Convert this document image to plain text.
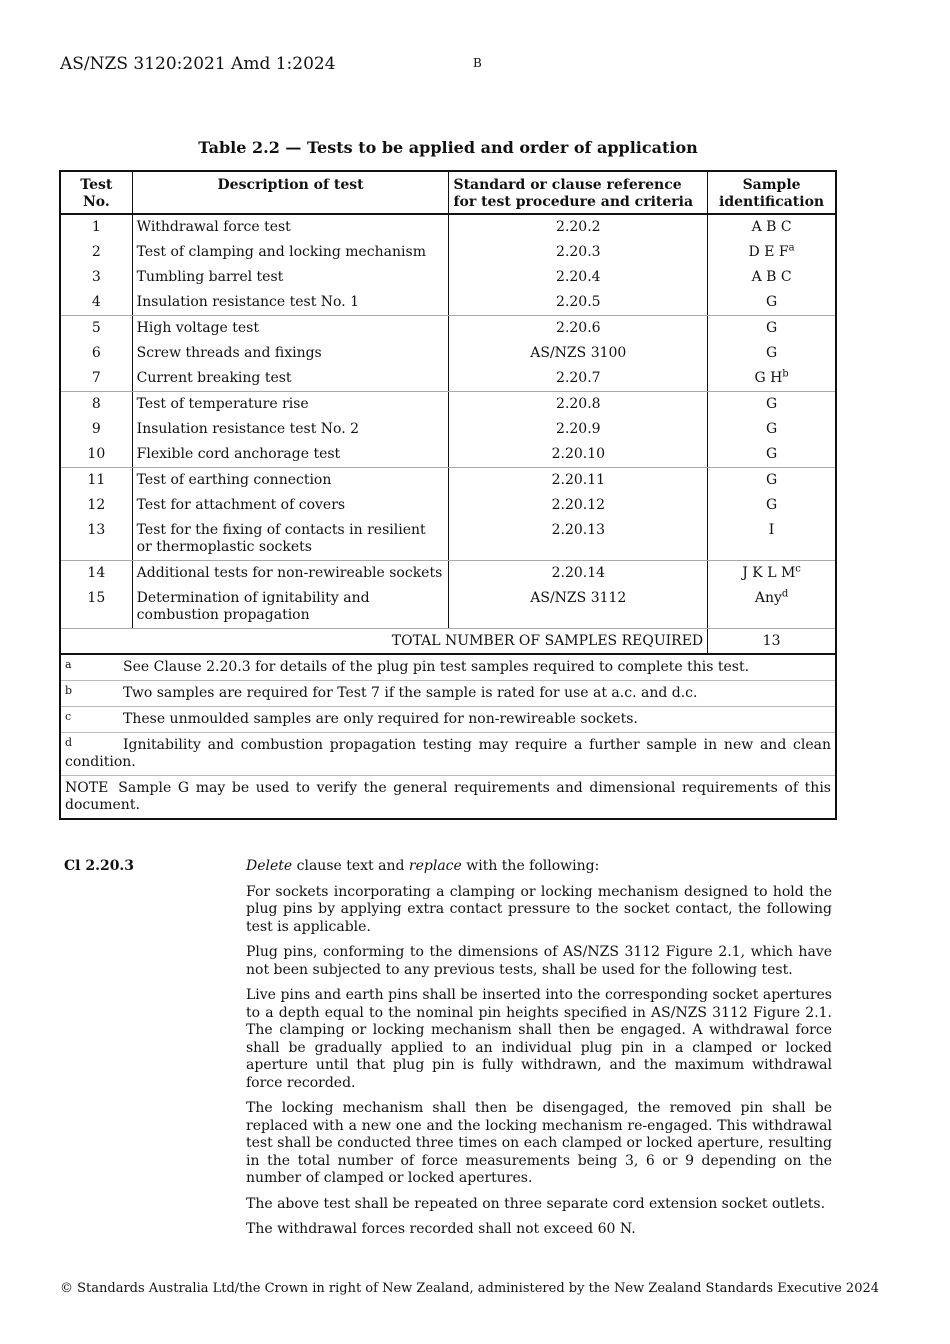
AS/NZS 3120:2021 Amd 1:2024	B
Table 2.2 — Tests to be applied and order of application
Test No.	Description of test	Standard or clause reference for test procedure and criteria	Sample identification
1	Withdrawal force test	2.20.2	A B C
2	Test of clamping and locking mechanism	2.20.3	D E $F^a$
3	Tumbling barrel test	2.20.4	A B C
4	Insulation resistance test No. 1	2.20.5	G
5	High voltage test	2.20.6	G
6	Screw threads and fixings	AS/NZS 3100	G
7	Current breaking test	2.20.7	G $H^b$
8	Test of temperature rise	2.20.8	G
9	Insulation resistance test No. 2	2.20.9	G
10	Flexible cord anchorage test	2.20.10	G
11	Test of earthing connection	2.20.11	G
12	Test for attachment of covers	2.20.12	G
13	Test for the fixing of contacts in resilient or thermoplastic sockets	2.20.13	I
14	Additional tests for non-rewireable sockets	2.20.14	J K L $M^c$
15	Determination of ignitability and combustion propagation	AS/NZS 3112	Any$^d$
	TOTAL NUMBER OF SAMPLES REQUIRED		13
a See Clause 2.20.3 for details of the plug pin test samples required to complete this test.			
b Two samples are required for Test 7 if the sample is rated for use at a.c. and d.c.			
c These unmoulded samples are only required for non-rewireable sockets.			
d Ignitability and combustion propagation testing may require a further sample in new and clean condition.			
NOTE Sample G may be used to verify the general requirements and dimensional requirements of this document.			
Cl 2.20.3	Delete clause text and replace with the following:

For sockets incorporating a clamping or locking mechanism designed to hold the plug pins by applying extra contact pressure to the socket contact, the following test is applicable.

Plug pins, conforming to the dimensions of AS/NZS 3112 Figure 2.1, which have not been subjected to any previous tests, shall be used for the following test.

Live pins and earth pins shall be inserted into the corresponding socket apertures to a depth equal to the nominal pin heights specified in AS/NZS 3112 Figure 2.1. The clamping or locking mechanism shall then be engaged. A withdrawal force shall be gradually applied to an individual plug pin in a clamped or locked aperture until that plug pin is fully withdrawn, and the maximum withdrawal force recorded.

The locking mechanism shall then be disengaged, the removed pin shall be replaced with a new one and the locking mechanism re-engaged. This withdrawal test shall be conducted three times on each clamped or locked aperture, resulting in the total number of force measurements being 3, 6 or 9 depending on the number of clamped or locked apertures.

The above test shall be repeated on three separate cord extension socket outlets.

The withdrawal forces recorded shall not exceed 60 N.

© Standards Australia Ltd/the Crown in right of New Zealand, administered by the New Zealand Standards Executive 2024
